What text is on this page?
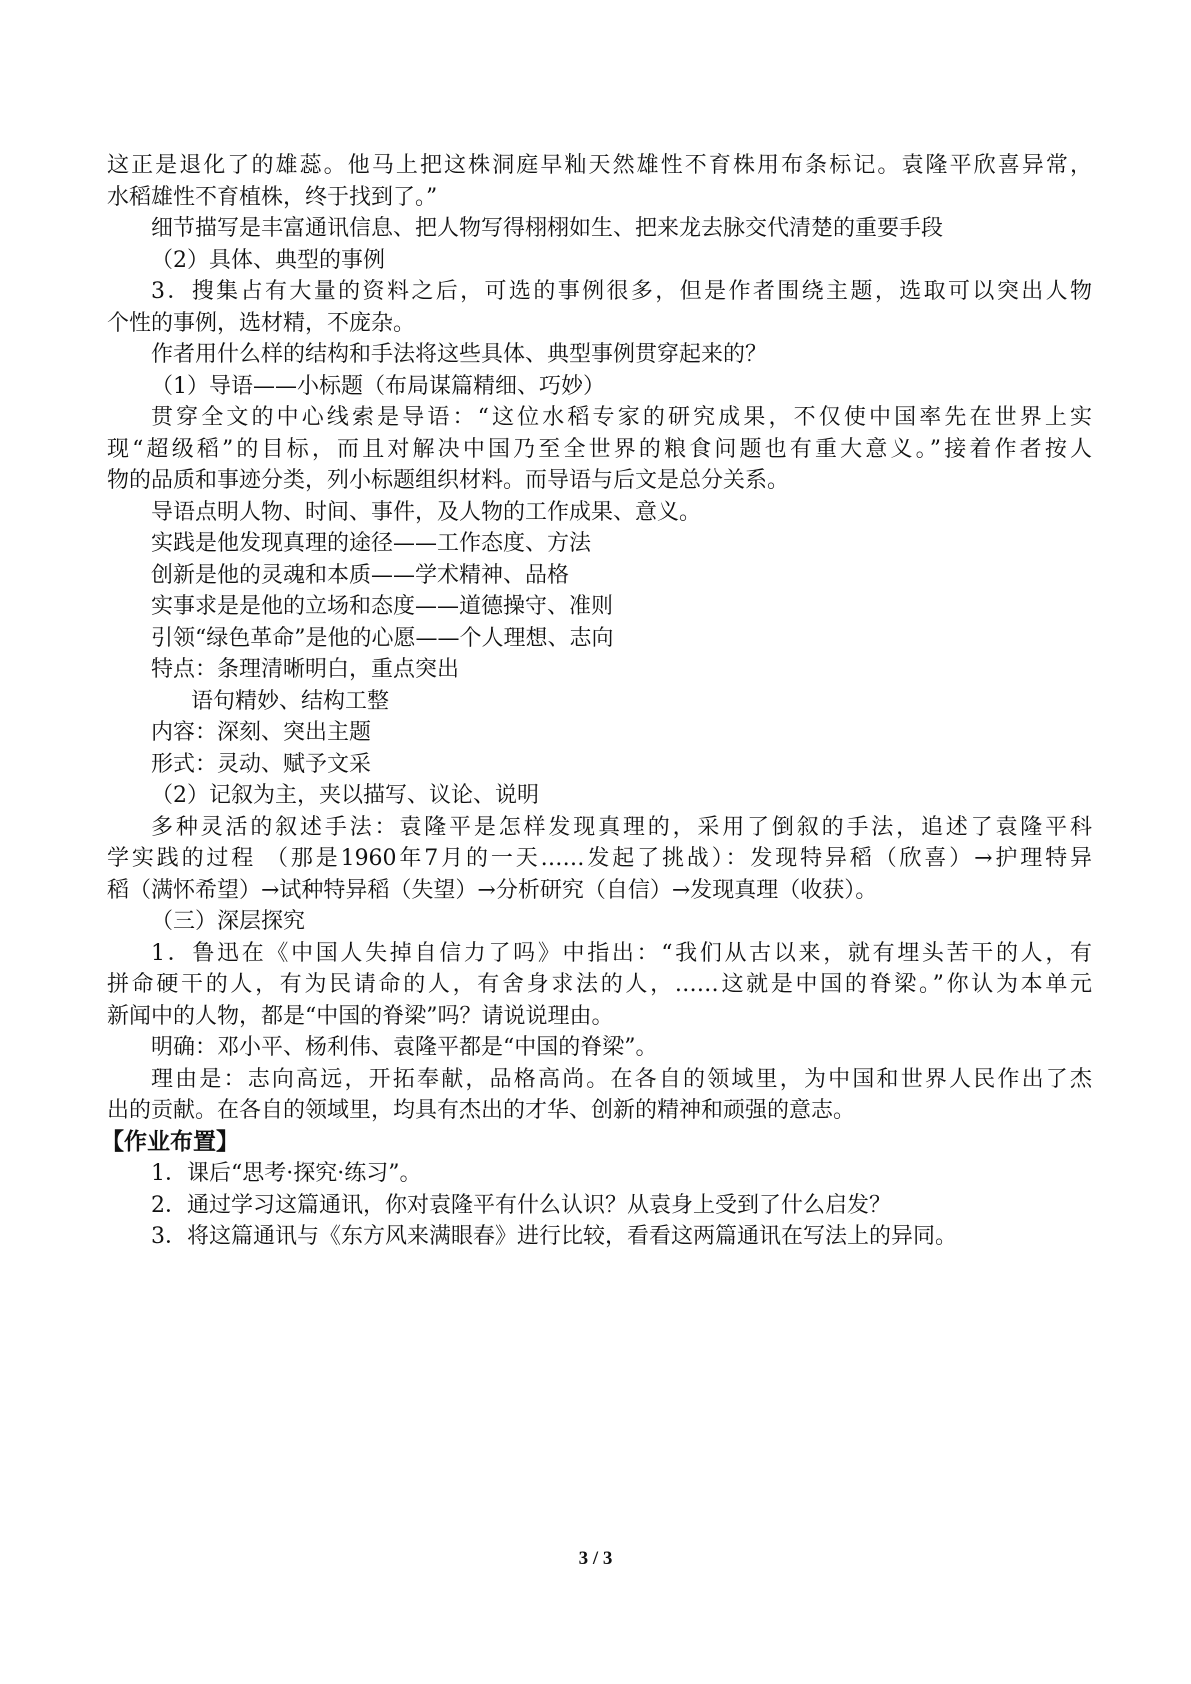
这正是退化了的雄蕊。他马上把这株洞庭早籼天然雄性不育株用布条标记。袁隆平欣喜异常，
水稻雄性不育植株，终于找到了。”
细节描写是丰富通讯信息、把人物写得栩栩如生、把来龙去脉交代清楚的重要手段
（2）具体、典型的事例
3．搜集占有大量的资料之后，可选的事例很多，但是作者围绕主题，选取可以突出人物
个性的事例，选材精，不庞杂。
作者用什么样的结构和手法将这些具体、典型事例贯穿起来的？
（1）导语——小标题（布局谋篇精细、巧妙）
贯穿全文的中心线索是导语：“这位水稻专家的研究成果，不仅使中国率先在世界上实
现“超级稻”的目标，而且对解决中国乃至全世界的粮食问题也有重大意义。”接着作者按人
物的品质和事迹分类，列小标题组织材料。而导语与后文是总分关系。
导语点明人物、时间、事件，及人物的工作成果、意义。
实践是他发现真理的途径——工作态度、方法
创新是他的灵魂和本质——学术精神、品格
实事求是是他的立场和态度——道德操守、准则
引领“绿色革命”是他的心愿——个人理想、志向
特点：条理清晰明白，重点突出
语句精妙、结构工整
内容：深刻、突出主题
形式：灵动、赋予文采
（2）记叙为主，夹以描写、议论、说明
多种灵活的叙述手法：袁隆平是怎样发现真理的，采用了倒叙的手法，追述了袁隆平科
学实践的过程 （那是1960年7月的一天……发起了挑战）：发现特异稻（欣喜）→护理特异
稻（满怀希望）→试种特异稻（失望）→分析研究（自信）→发现真理（收获）。
（三）深层探究
1．鲁迅在《中国人失掉自信力了吗》中指出：“我们从古以来，就有埋头苦干的人，有
拼命硬干的人，有为民请命的人，有舍身求法的人，……这就是中国的脊梁。”你认为本单元
新闻中的人物，都是“中国的脊梁”吗？请说说理由。
明确：邓小平、杨利伟、袁隆平都是“中国的脊梁”。
理由是：志向高远，开拓奉献，品格高尚。在各自的领域里，为中国和世界人民作出了杰
出的贡献。在各自的领域里，均具有杰出的才华、创新的精神和顽强的意志。
【作业布置】
1．课后“思考·探究·练习”。
2．通过学习这篇通讯，你对袁隆平有什么认识？从袁身上受到了什么启发？
3．将这篇通讯与《东方风来满眼春》进行比较，看看这两篇通讯在写法上的异同。
3 / 3
